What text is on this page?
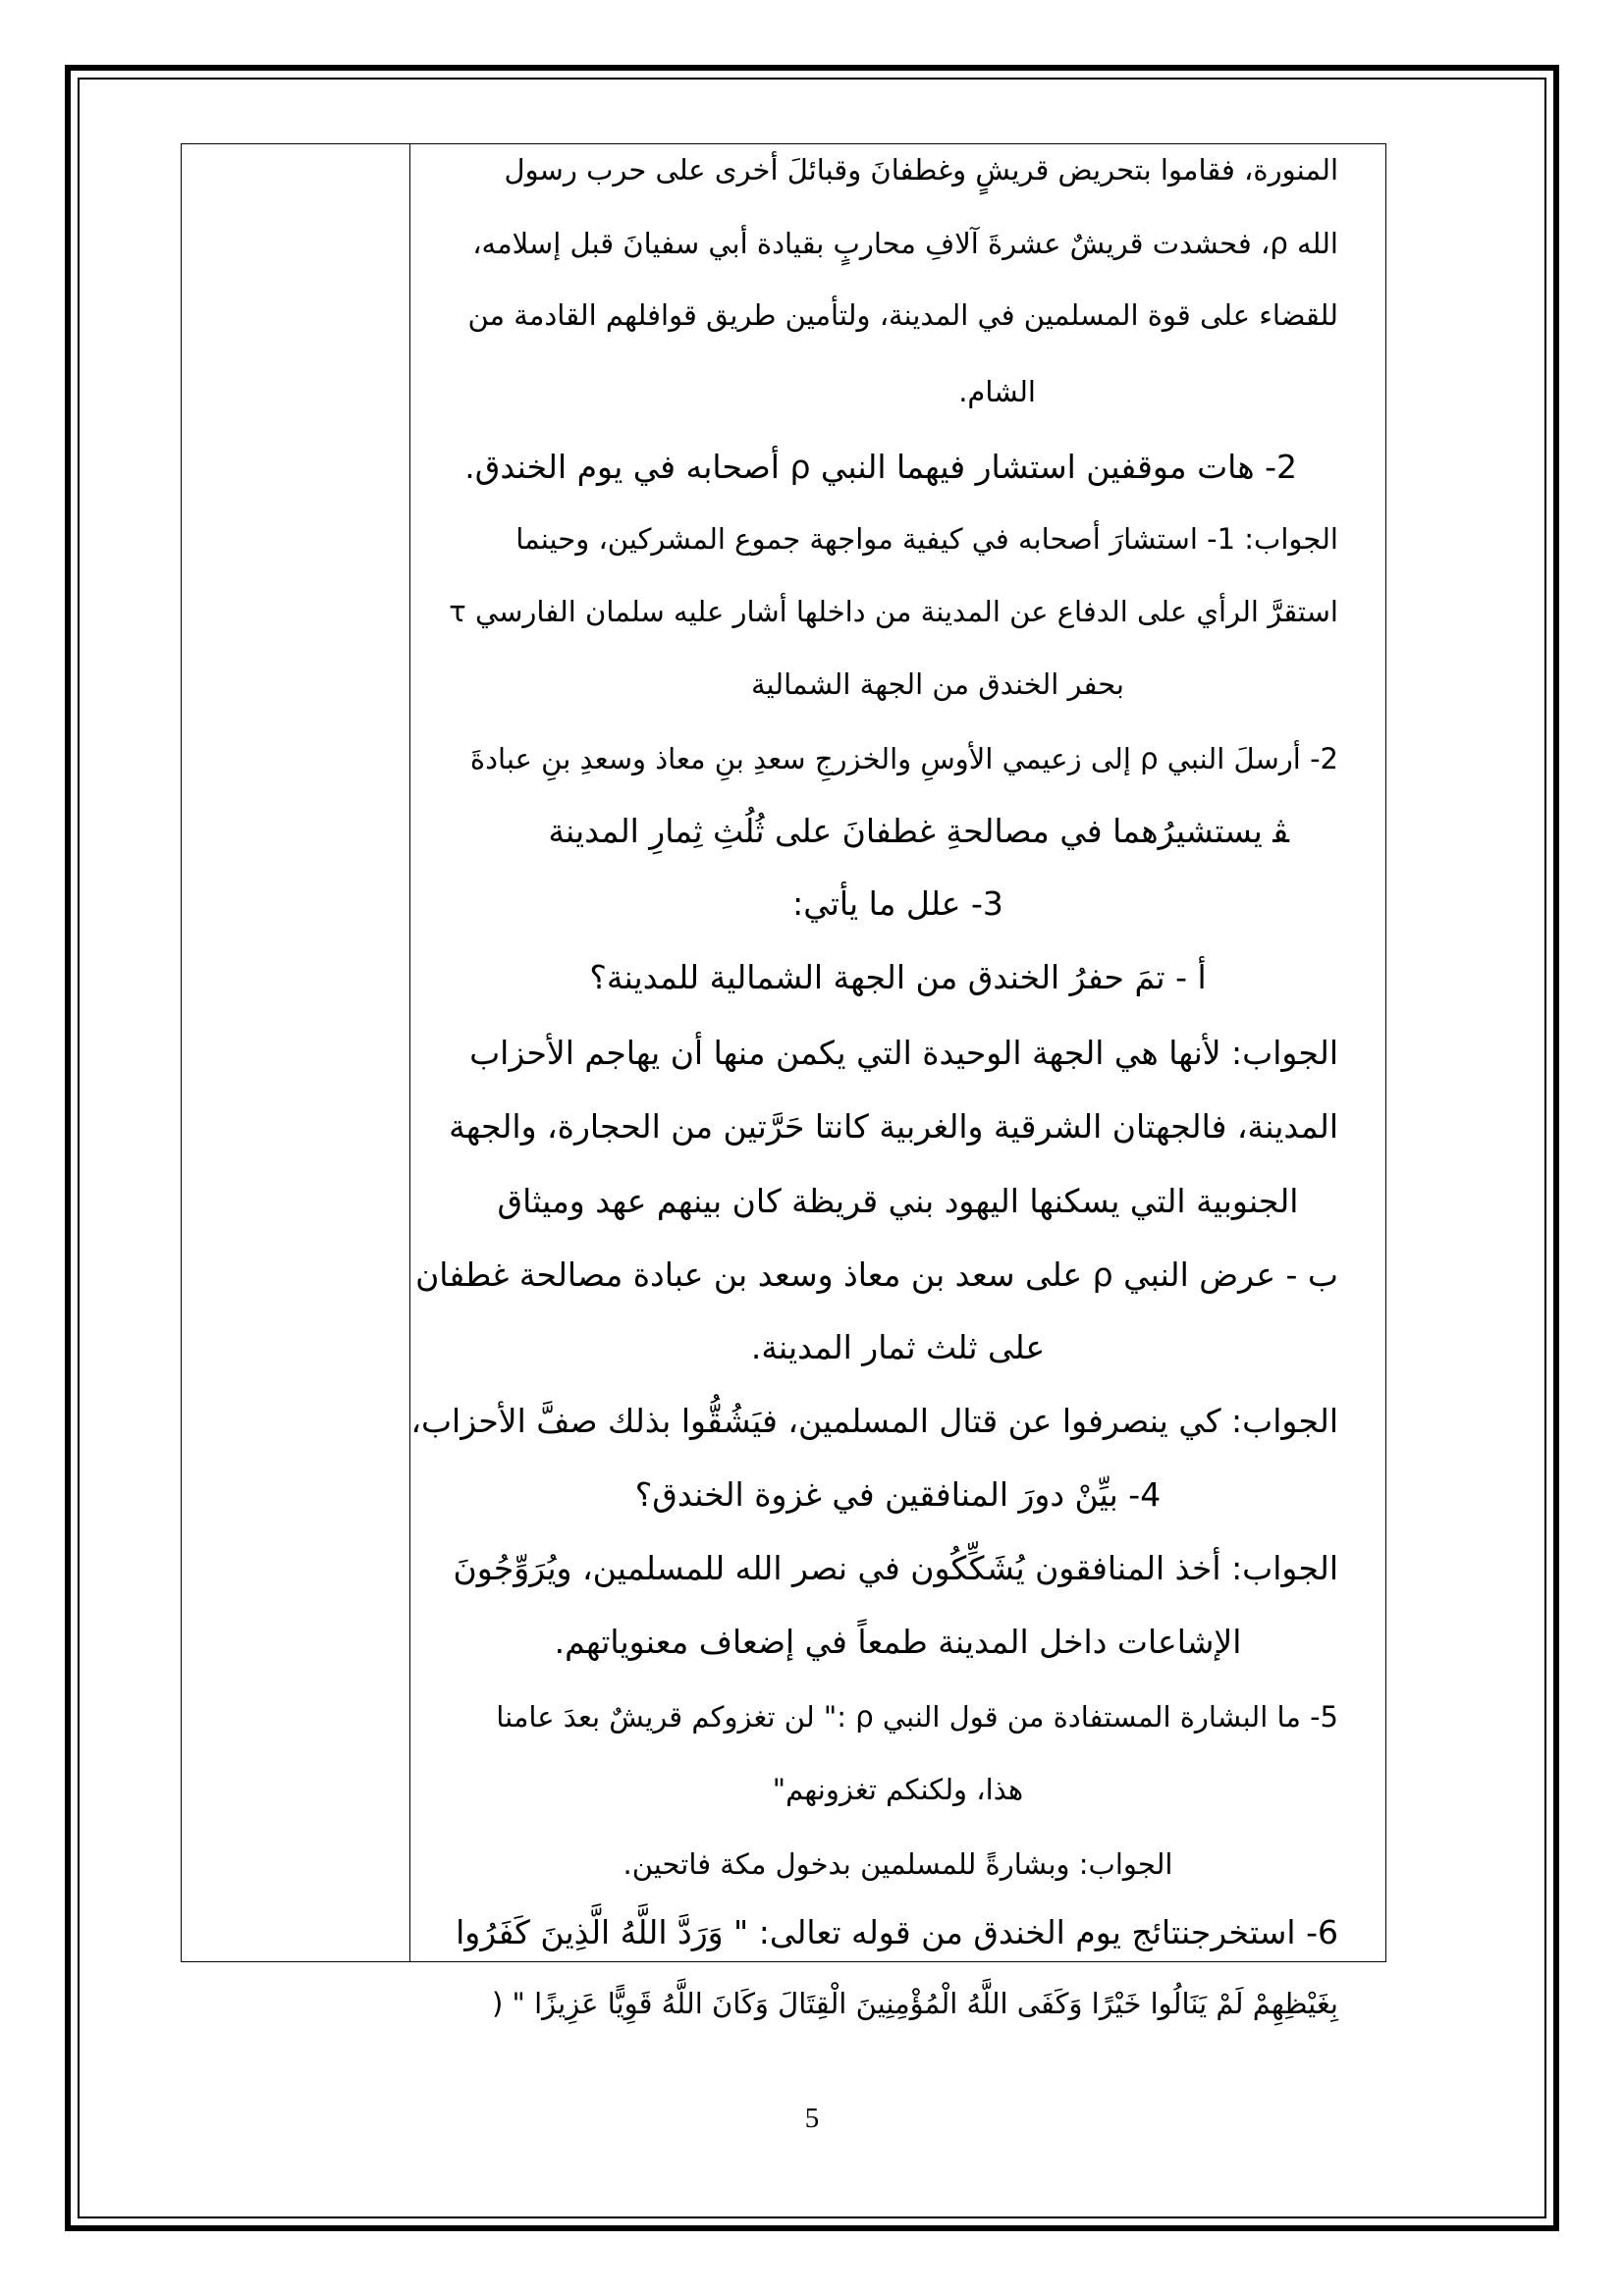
المنورة، فقاموا بتحريض قريشٍ وغطفانَ وقبائلَ أخرى على حرب رسول
الله ρ، فحشدت قريشٌ عشرةَ آلافِ محاربٍ بقيادة أبي سفيانَ قبل إسلامه،
للقضاء على قوة المسلمين في المدينة، ولتأمين طريق قوافلهم القادمة من
الشام.
2- هات موقفين استشار فيهما النبي ρ أصحابه في يوم الخندق.
الجواب: 1- استشارَ أصحابه في كيفية مواجهة جموع المشركين، وحينما
استقرَّ الرأي على الدفاع عن المدينة من داخلها أشار عليه سلمان الفارسي τ
بحفر الخندق من الجهة الشمالية
2- أرسلَ النبي ρ إلى زعيمي الأوسِ والخزرجِ سعدِ بنِ معاذ وسعدِ بنِ عبادةَ
ﭭ يستشيرُهما في مصالحةِ غطفانَ على ثُلُثِ ثِمارِ المدينة
3- علل ما يأتي:
أ - تمَ حفرُ الخندق من الجهة الشمالية للمدينة؟
الجواب: لأنها هي الجهة الوحيدة التي يكمن منها أن يهاجم الأحزاب
المدينة، فالجهتان الشرقية والغربية كانتا حَرَّتين من الحجارة، والجهة
الجنوبية التي يسكنها اليهود بني قريظة كان بينهم عهد وميثاق
ب - عرض النبي ρ على سعد بن معاذ وسعد بن عبادة مصالحة غطفان
على ثلث ثمار المدينة.
الجواب: كي ينصرفوا عن قتال المسلمين، فيَشُقُّوا بذلك صفَّ الأحزاب،
4- بيِّنْ دورَ المنافقين في غزوة الخندق؟
الجواب: أخذ المنافقون يُشَكِّكُون في نصر الله للمسلمين، ويُرَوِّجُونَ
الإشاعات داخل المدينة طمعاً في إضعاف معنوياتهم.
5- ما البشارة المستفادة من قول النبي ρ :" لن تغزوكم قريشٌ بعدَ عامنا
هذا، ولكنكم تغزونهم"
الجواب: وبشارةً للمسلمين بدخول مكة فاتحين.
6- استخرجنتائج يوم الخندق من قوله تعالى: " وَرَدَّ اللَّهُ الَّذِينَ كَفَرُوا
بِغَيْظِهِمْ لَمْ يَنَالُوا خَيْرًا وَكَفَى اللَّهُ الْمُؤْمِنِينَ الْقِتَالَ وَكَانَ اللَّهُ قَوِيًّا عَزِيزًا " (
5
